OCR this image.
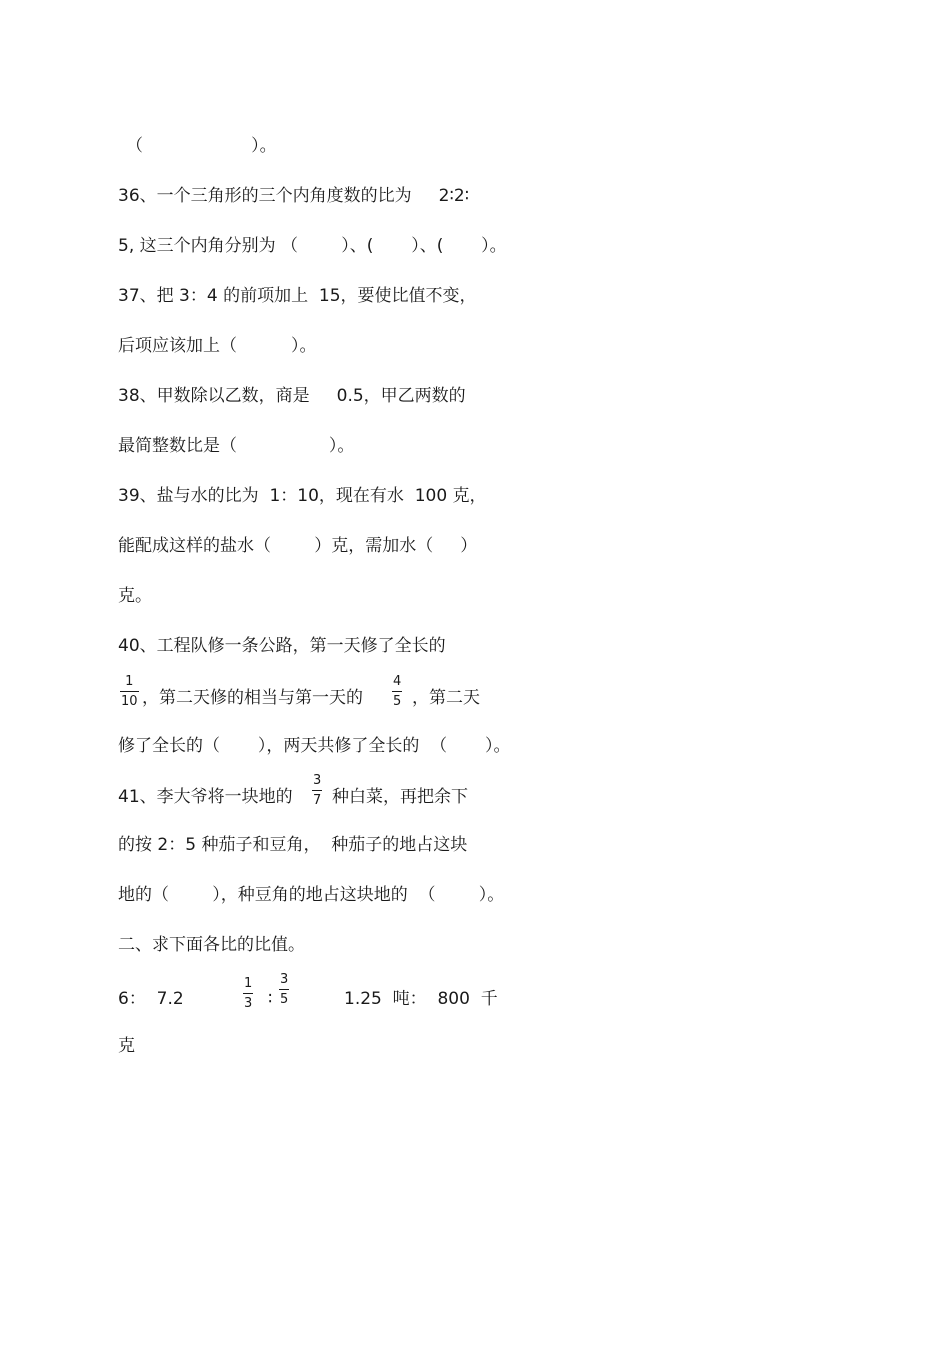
（                    ）。
36、一个三角形的三个内角度数的比为     2∶2∶
5, 这三个内角分别为 （        ）、(       ）、(       ）。
37、把 3：4 的前项加上  15，要使比值不变，
后项应该加上（          ）。
38、甲数除以乙数，商是     0.5，甲乙两数的
最简整数比是（                 ）。
39、盐与水的比为  1：10，现在有水  100 克，
能配成这样的盐水（        ）克，需加水（     ）
克。
40、工程队修一条公路，第一天修了全长的
1
10 ，第二天修的相当与第一天的
4
5 ，第二天
修了全长的（       ），两天共修了全长的  （       ）。
41、李大爷将一块地的
3
7 种白菜，再把余下
的按 2：5 种茄子和豆角，  种茄子的地占这块
地的（        ），种豆角的地占这块地的  （        ）。
二、求下面各比的比值。
6：  7.2
1
3 ∶
3
5	1.25  吨：  800  千
克
